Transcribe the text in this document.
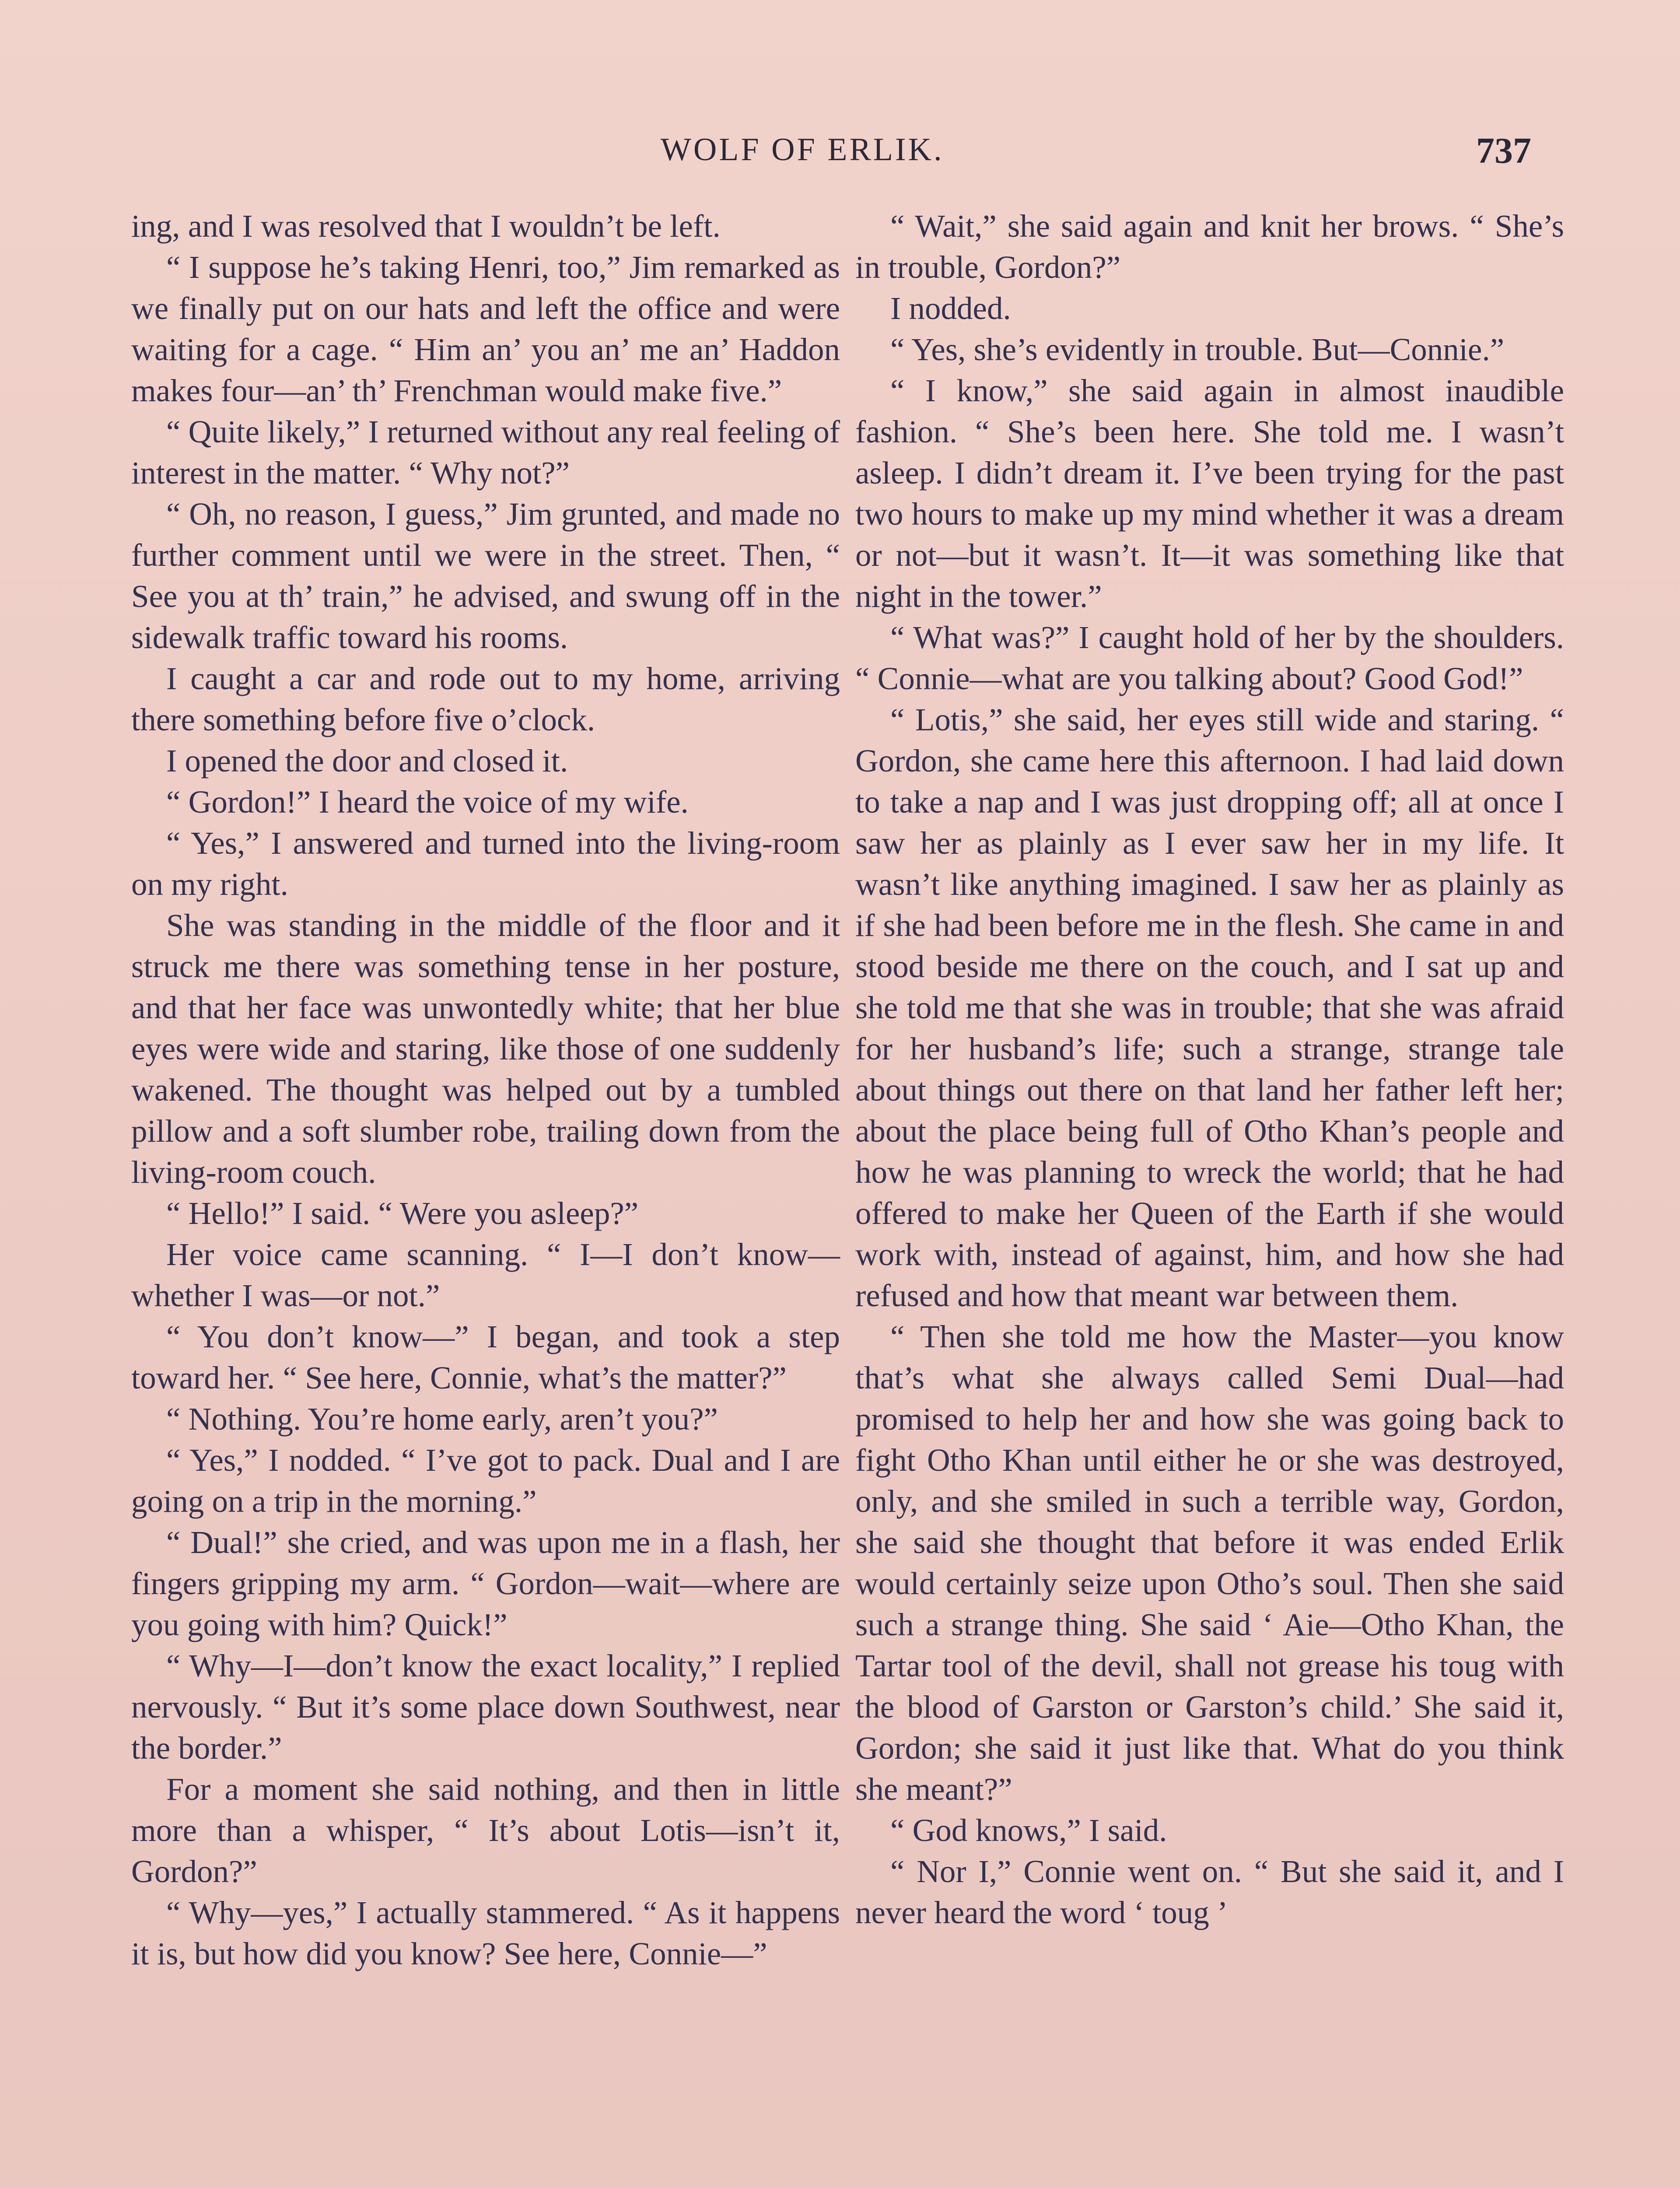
WOLF OF ERLIK.	737

ing, and I was resolved that I wouldn’t be left.

“ I suppose he’s taking Henri, too,” Jim remarked as we finally put on our hats and left the office and were waiting for a cage. “ Him an’ you an’ me an’ Haddon makes four—an’ th’ Frenchman would make five.”

“ Quite likely,” I returned without any real feeling of interest in the matter. “ Why not?”

“ Oh, no reason, I guess,” Jim grunted, and made no further comment until we were in the street. Then, “ See you at th’ train,” he advised, and swung off in the sidewalk traffic toward his rooms.

I caught a car and rode out to my home, arriving there something before five o’clock.

I opened the door and closed it.

“ Gordon!” I heard the voice of my wife.

“ Yes,” I answered and turned into the living-room on my right.

She was standing in the middle of the floor and it struck me there was something tense in her posture, and that her face was unwontedly white; that her blue eyes were wide and staring, like those of one suddenly wakened. The thought was helped out by a tumbled pillow and a soft slumber robe, trailing down from the living-room couch.

“ Hello!” I said. “ Were you asleep?”

Her voice came scanning. “ I—I don’t know—whether I was—or not.”

“ You don’t know—” I began, and took a step toward her. “ See here, Connie, what’s the matter?”

“ Nothing. You’re home early, aren’t you?”

“ Yes,” I nodded. “ I’ve got to pack. Dual and I are going on a trip in the morning.”

“ Dual!” she cried, and was upon me in a flash, her fingers gripping my arm. “ Gordon—wait—where are you going with him? Quick!”

“ Why—I—don’t know the exact locality,” I replied nervously. “ But it’s some place down Southwest, near the border.”

For a moment she said nothing, and then in little more than a whisper, “ It’s about Lotis—isn’t it, Gordon?”

“ Why—yes,” I actually stammered. “ As it happens it is, but how did you know? See here, Connie—”

“ Wait,” she said again and knit her brows. “ She’s in trouble, Gordon?”

I nodded.

“ Yes, she’s evidently in trouble. But—Connie.”

“ I know,” she said again in almost inaudible fashion. “ She’s been here. She told me. I wasn’t asleep. I didn’t dream it. I’ve been trying for the past two hours to make up my mind whether it was a dream or not—but it wasn’t. It—it was something like that night in the tower.”

“ What was?” I caught hold of her by the shoulders. “ Connie—what are you talking about? Good God!”

“ Lotis,” she said, her eyes still wide and staring. “ Gordon, she came here this afternoon. I had laid down to take a nap and I was just dropping off; all at once I saw her as plainly as I ever saw her in my life. It wasn’t like anything imagined. I saw her as plainly as if she had been before me in the flesh. She came in and stood beside me there on the couch, and I sat up and she told me that she was in trouble; that she was afraid for her husband’s life; such a strange, strange tale about things out there on that land her father left her; about the place being full of Otho Khan’s people and how he was planning to wreck the world; that he had offered to make her Queen of the Earth if she would work with, instead of against, him, and how she had refused and how that meant war between them.

“ Then she told me how the Master—you know that’s what she always called Semi Dual—had promised to help her and how she was going back to fight Otho Khan until either he or she was destroyed, only, and she smiled in such a terrible way, Gordon, she said she thought that before it was ended Erlik would certainly seize upon Otho’s soul. Then she said such a strange thing. She said ‘ Aie—Otho Khan, the Tartar tool of the devil, shall not grease his toug with the blood of Garston or Garston’s child.’ She said it, Gordon; she said it just like that. What do you think she meant?”

“ God knows,” I said.

“ Nor I,” Connie went on. “ But she said it, and I never heard the word ‘ toug ’
